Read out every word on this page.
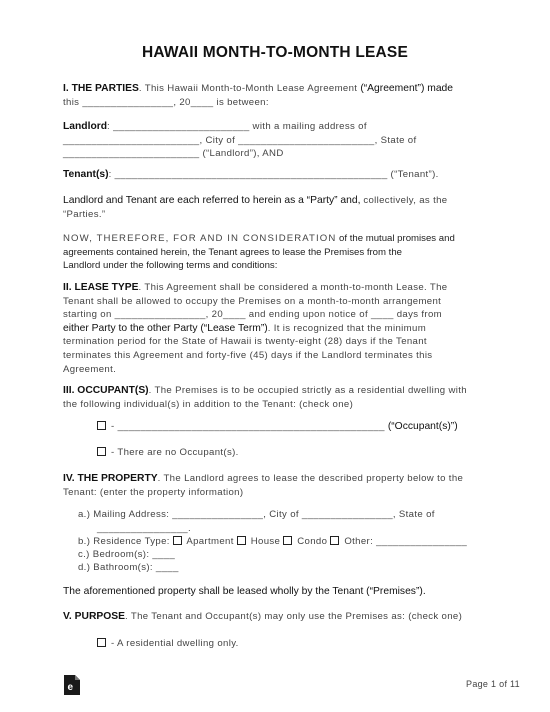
HAWAII MONTH-TO-MONTH LEASE
I. THE PARTIES. This Hawaii Month-to-Month Lease Agreement (“Agreement”) made
this ________________, 20____ is between:
Landlord: ________________________ with a mailing address of
________________________, City of ________________________, State of
________________________ (“Landlord”), AND
Tenant(s): ________________________________________________ (“Tenant”).
Landlord and Tenant are each referred to herein as a “Party” and, collectively, as the
“Parties.”
NOW, THEREFORE, FOR AND IN CONSIDERATION of the mutual promises and
agreements contained herein, the Tenant agrees to lease the Premises from the
Landlord under the following terms and conditions:
II. LEASE TYPE. This Agreement shall be considered a month-to-month Lease. The
Tenant shall be allowed to occupy the Premises on a month-to-month arrangement
starting on ________________, 20____ and ending upon notice of ____ days from
either Party to the other Party (“Lease Term”). It is recognized that the minimum
termination period for the State of Hawaii is twenty-eight (28) days if the Tenant
terminates this Agreement and forty-five (45) days if the Landlord terminates this
Agreement.
III. OCCUPANT(S). The Premises is to be occupied strictly as a residential dwelling with
the following individual(s) in addition to the Tenant: (check one)
- _______________________________________________ (“Occupant(s)”)
- There are no Occupant(s).
IV. THE PROPERTY. The Landlord agrees to lease the described property below to the
Tenant: (enter the property information)
a.) Mailing Address: ________________, City of ________________, State of
________________.
b.) Residence Type:  Apartment  House  Condo  Other: ________________
c.) Bedroom(s): ____
d.) Bathroom(s): ____
The aforementioned property shall be leased wholly by the Tenant (“Premises”).
V. PURPOSE. The Tenant and Occupant(s) may only use the Premises as: (check one)
- A residential dwelling only.
e	Page 1 of 11
